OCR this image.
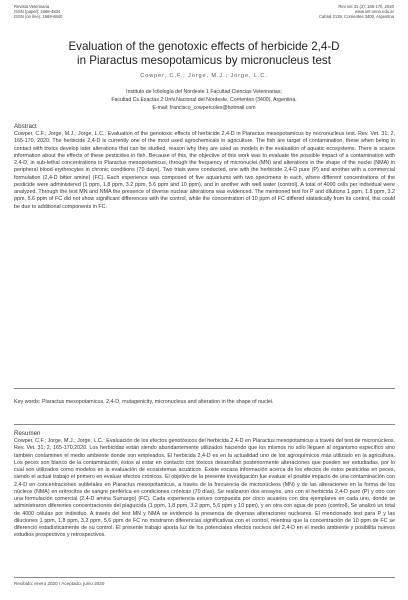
Revista Veterinaria
ISSN (papel): 1668-4834
ISSN (on line): 1669-6840
Rev vet 31 (2): 165-170, 2020
www.vet.unne.edu.ar
Cabral 2139, Corrientes 3400, Argentina
Evaluation of the genotoxic effects of herbicide 2,4-D
in Piaractus mesopotamicus by micronucleus test
Cowper, C.F.; Jorge, M.J.; Jorge, L.C.
Instituto de Ictiología del Nordeste 1 Facultad Ciencias Veterinarias;
Facultad Cs.Exactas 2 Univ.Nacional del Nordeste, Corrientes (3400), Argentina.
E-mail: francisco_cowpercoles@hotmail.com
Abstract
Cowper, C.F.; Jorge, M.J.; Jorge, L.C.: Evaluation of the genotoxic effects of herbicide 2,4-D in Piaractus mesopotamicus by micronucleus test. Rev. Vet. 31; 2, 165-170, 2020. The herbicide 2,4-D is currently one of the most used agrochemicals in agriculture. The fish are target of contamination, these when being in contact with toxics develop later alterations that can be studied, reason why they are used as models in the evaluation of aquatic ecosystems. There is scarce information about the effects of these pesticides in fish. Because of this, the objective of this work was to evaluate the possible impact of a contamination with 2,4-D, in sub-lethal concentrations in Piaractus mesopotamicus, through the frequency of micronuclei (MN) and alterations in the shape of the nuclei (NMA) in peripheral blood erythrocytes in chronic conditions (70 days). Two trials were conducted, one with the herbicide 2,4-D pure (P) and another with a commercial formulation (2,4-D bitter amine) (FC). Each experience was composed of five aquariums with two specimens in each, where different concentrations of the pesticide were administered (1 ppm, 1.8 ppm, 3.2 ppm, 5.6 ppm and 10 ppm), and in another with well water (control). A total of 4000 cells per individual were analyzed. Through the test MN and NMA the presence of diverse nuclear alterations was evidenced. The mentioned test for P and dilutions 1 ppm, 1.8 ppm, 3.2 ppm, 5.6 ppm of FC did not show significant differences with the control, while the concentration of 10 ppm of FC differed statistically from its control, this could be due to additional components in FC.
Key words: Piaractus mesopotamicus, 2,4-D, mutagenicity, micronucleus and alteration in the shape of nuclei.
Resumen
Cowper, C.F.; Jorge, M.J.; Jorge, L.C.: Evaluación de los efectos genotóxicos del herbicida 2,4-D en Piaractus mesopotamicus a través del test de micronúcleos. Rev. Vet. 31; 2, 165-170,2020. Los herbicidas están siendo abundantemente utilizados haciendo que los mismos no sólo lleguen al organismo específico sino también contaminen el medio ambiente donde son empleados. El herbicida 2,4-D es en la actualidad uno de los agroquímicos más utilizado en la agricultura. Los peces son blanco de la contaminación, éstos al estar en contacto con tóxicos desarrollan posteriormente alteraciones que pueden ser estudiadas, por lo cual son utilizados como modelos en la evaluación de ecosistemas acuáticos. Existe escasa información acerca de los efectos de estos pesticidas en peces, siendo el actual trabajo el primero en evaluar efectos crónicos. El objetivo de la presente investigación fue evaluar el posible impacto de una contaminación con 2,4-D en concentraciones subletales en Piaractus mesopotamicus, a través de la frecuencia de micronúcleos (MN) y de las alteraciones en la forma de los núcleos (NMA) en eritrocitos de sangre periférica en condiciones crónicas (70 días). Se realizaron dos ensayos, uno con el herbicida 2,4-D puro (P) y otro con una formulación comercial (2,4-D amina Sumargo) (FC). Cada experiencia estuvo compuesta por cinco acuarios con dos ejemplares en cada uno, donde se administraron diferentes concentraciones del plaguicida (1 ppm, 1,8 ppm, 3,2 ppm, 5,6 ppm y 10 ppm), y en otra con agua de pozo (control). Se analizó un total de 4000 células por individuo. A través del test MN y NMA se evidenció la presencia de diversas alteraciones nucleares. El mencionado test para P y las diluciones 1 ppm, 1,8 ppm, 3,2 ppm, 5,6 ppm de FC no mostraron diferencias significativas con el control, mientras que la concentración de 10 ppm de FC se diferenció estadísticamente de su control. El presente trabajo aporta luz de los potenciales efectos nocivos del 2,4-D en el medio ambiente y posibilita nuevos estudios prospectivos y retrospectivos.
Recibido: enero 2020 / Aceptado: junio 2020
